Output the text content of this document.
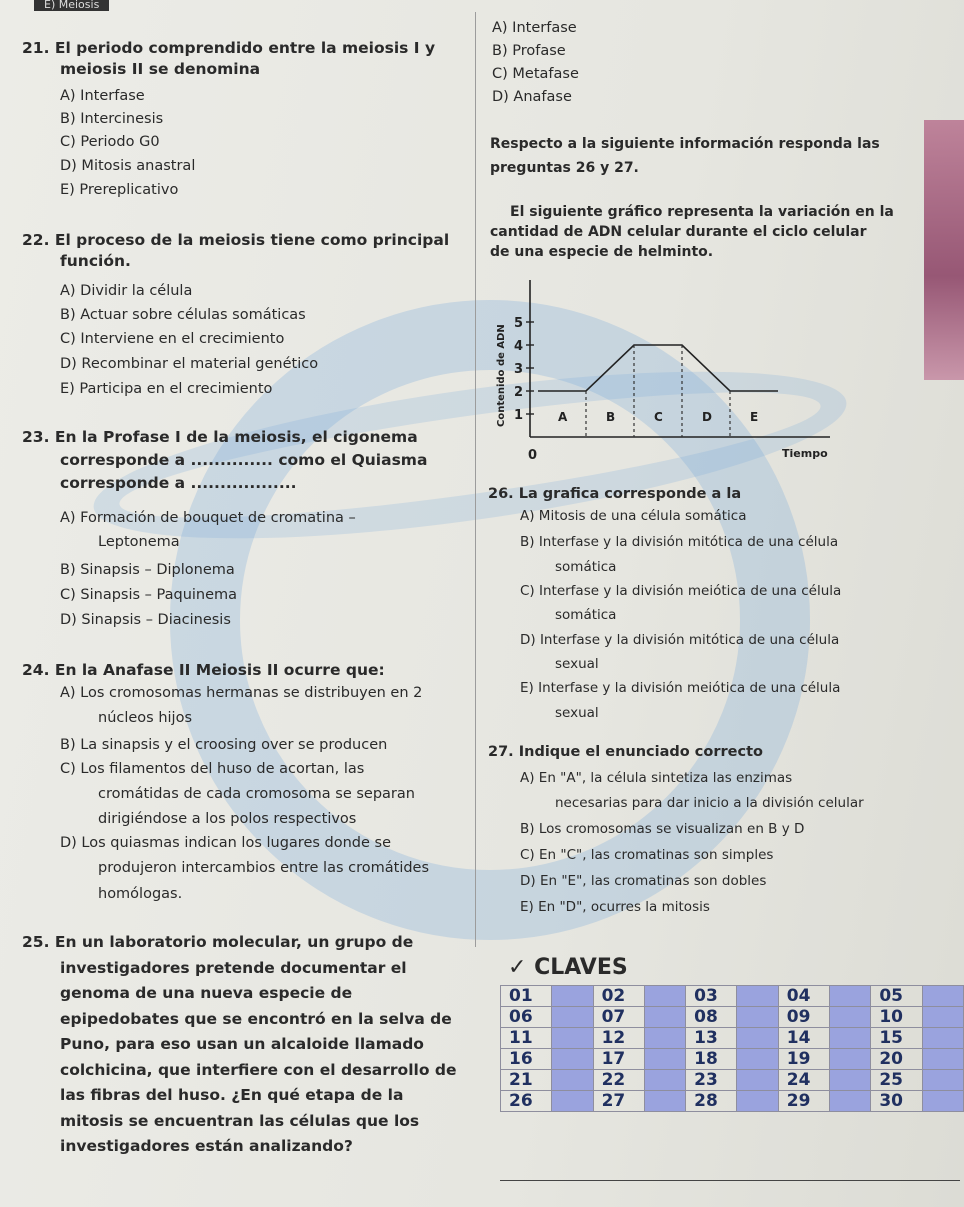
E) Meiosis
21. El periodo comprendido entre la meiosis I y
meiosis II se denomina
A) Interfase
B) Intercinesis
C) Periodo G0
D) Mitosis anastral
E) Prereplicativo
22. El proceso de la meiosis tiene como principal
función.
A) Dividir la célula
B) Actuar sobre células somáticas
C) Interviene en el crecimiento
D) Recombinar el material genético
E) Participa en el crecimiento
23. En la Profase I de la meiosis, el cigonema
corresponde a .............. como el Quiasma
corresponde a ..................
A) Formación de bouquet de cromatina –
Leptonema
B) Sinapsis – Diplonema
C) Sinapsis – Paquinema
D) Sinapsis – Diacinesis
24. En la Anafase II Meiosis II ocurre que:
A) Los cromosomas hermanas se distribuyen en 2
núcleos hijos
B) La sinapsis y el croosing over se producen
C) Los filamentos del huso de acortan, las
cromátidas de cada cromosoma se separan
dirigiéndose a los polos respectivos
D) Los quiasmas indican los lugares donde se
produjeron intercambios entre las cromátides
homólogas.
25. En un laboratorio molecular, un grupo de
investigadores pretende documentar el
genoma de una nueva especie de
epipedobates que se encontró en la selva de
Puno, para eso usan un alcaloide llamado
colchicina, que interfiere con el desarrollo de
las fibras del huso. ¿En qué etapa de la
mitosis se encuentran las células que los
investigadores están analizando?
A) Interfase
B) Profase
C) Metafase
D) Anafase
Respecto a la siguiente información responda las
preguntas 26 y 27.
El siguiente gráfico representa la variación en la
cantidad de ADN celular durante el ciclo celular
de una especie de helminto.
1
2
3
4
5
0
Contenido de ADN
Tiempo
A	B	C	D	E
26. La grafica corresponde a la
A) Mitosis de una célula somática
B) Interfase y la división mitótica de una célula
somática
C) Interfase y la división meiótica de una célula
somática
D) Interfase y la división mitótica de una célula
sexual
E) Interfase y la división meiótica de una célula
sexual
27. Indique el enunciado correcto
A) En "A", la célula sintetiza las enzimas
necesarias para dar inicio a la división celular
B) Los cromosomas se visualizan en B y D
C) En "C", las cromatinas son simples
D) En "E", las cromatinas son dobles
E) En "D", ocurres la mitosis
✓ CLAVES
01		02		03		04		05	
06		07		08		09		10	
11		12		13		14		15	
16		17		18		19		20	
21		22		23		24		25	
26		27		28		29		30	
